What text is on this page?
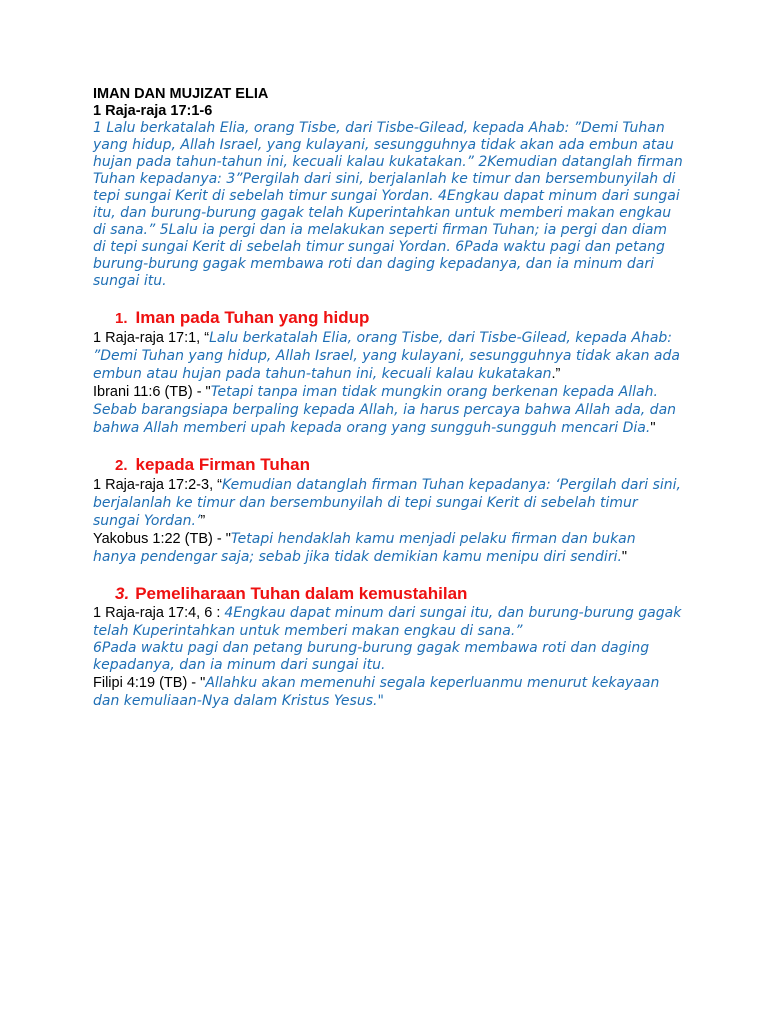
IMAN DAN MUJIZAT ELIA
1 Raja-raja 17:1-6

1 Lalu berkatalah Elia, orang Tisbe, dari Tisbe-Gilead, kepada Ahab: ”Demi Tuhan yang hidup, Allah Israel, yang kulayani, sesungguhnya tidak akan ada embun atau hujan pada tahun-tahun ini, kecuali kalau kukatakan.” 2Kemudian datanglah firman Tuhan kepadanya: 3”Pergilah dari sini, berjalanlah ke timur dan bersembunyilah di tepi sungai Kerit di sebelah timur sungai Yordan. 4Engkau dapat minum dari sungai itu, dan burung-burung gagak telah Kuperintahkan untuk memberi makan engkau di sana.” 5Lalu ia pergi dan ia melakukan seperti firman Tuhan; ia pergi dan diam di tepi sungai Kerit di sebelah timur sungai Yordan. 6Pada waktu pagi dan petang burung-burung gagak membawa roti dan daging kepadanya, dan ia minum dari sungai itu.

1. Iman pada Tuhan yang hidup

1 Raja-raja 17:1, “Lalu berkatalah Elia, orang Tisbe, dari Tisbe-Gilead, kepada Ahab: ”Demi Tuhan yang hidup, Allah Israel, yang kulayani, sesungguhnya tidak akan ada embun atau hujan pada tahun-tahun ini, kecuali kalau kukatakan.”

Ibrani 11:6 (TB) - "Tetapi tanpa iman tidak mungkin orang berkenan kepada Allah. Sebab barangsiapa berpaling kepada Allah, ia harus percaya bahwa Allah ada, dan bahwa Allah memberi upah kepada orang yang sungguh-sungguh mencari Dia."

2. kepada Firman Tuhan

1 Raja-raja 17:2-3, “Kemudian datanglah firman Tuhan kepadanya: ‘Pergilah dari sini, berjalanlah ke timur dan bersembunyilah di tepi sungai Kerit di sebelah timur sungai Yordan.’”

Yakobus 1:22 (TB) - "Tetapi hendaklah kamu menjadi pelaku firman dan bukan hanya pendengar saja; sebab jika tidak demikian kamu menipu diri sendiri."

3. Pemeliharaan Tuhan dalam kemustahilan

1 Raja-raja 17:4, 6 : 4Engkau dapat minum dari sungai itu, dan burung-burung gagak telah Kuperintahkan untuk memberi makan engkau di sana.”

6Pada waktu pagi dan petang burung-burung gagak membawa roti dan daging kepadanya, dan ia minum dari sungai itu.

Filipi 4:19 (TB) - "Allahku akan memenuhi segala keperluanmu menurut kekayaan dan kemuliaan-Nya dalam Kristus Yesus."
